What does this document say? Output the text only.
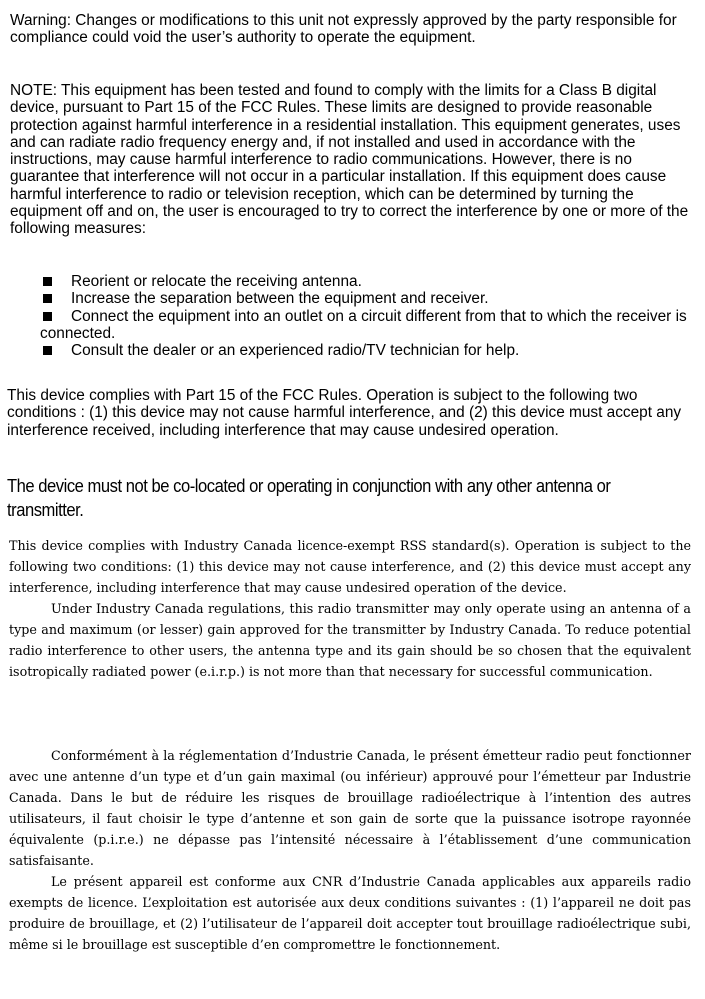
Warning: Changes or modifications to this unit not expressly approved by the party responsible for compliance could void the user’s authority to operate the equipment.

NOTE: This equipment has been tested and found to comply with the limits for a Class B digital device, pursuant to Part 15 of the FCC Rules. These limits are designed to provide reasonable protection against harmful interference in a residential installation. This equipment generates, uses and can radiate radio frequency energy and, if not installed and used in accordance with the instructions, may cause harmful interference to radio communications. However, there is no guarantee that interference will not occur in a particular installation. If this equipment does cause harmful interference to radio or television reception, which can be determined by turning the equipment off and on, the user is encouraged to try to correct the interference by one or more of the following measures:

Reorient or relocate the receiving antenna.
Increase the separation between the equipment and receiver.
Connect the equipment into an outlet on a circuit different from that to which the receiver is connected.
Consult the dealer or an experienced radio/TV technician for help.

This device complies with Part 15 of the FCC Rules. Operation is subject to the following two conditions : (1) this device may not cause harmful interference, and (2) this device must accept any interference received, including interference that may cause undesired operation.

The device must not be co-located or operating in conjunction with any other antenna or transmitter.

This device complies with Industry Canada licence-exempt RSS standard(s). Operation is subject to the following two conditions: (1) this device may not cause interference, and (2) this device must accept any interference, including interference that may cause undesired operation of the device.

Under Industry Canada regulations, this radio transmitter may only operate using an antenna of a type and maximum (or lesser) gain approved for the transmitter by Industry Canada. To reduce potential radio interference to other users, the antenna type and its gain should be so chosen that the equivalent isotropically radiated power (e.i.r.p.) is not more than that necessary for successful communication.

Conformément à la réglementation d’Industrie Canada, le présent émetteur radio peut fonctionner avec une antenne d’un type et d’un gain maximal (ou inférieur) approuvé pour l’émetteur par Industrie Canada. Dans le but de réduire les risques de brouillage radioélectrique à l’intention des autres utilisateurs, il faut choisir le type d’antenne et son gain de sorte que la puissance isotrope rayonnée équivalente (p.i.r.e.) ne dépasse pas l’intensité nécessaire à l’établissement d’une communication satisfaisante.

Le présent appareil est conforme aux CNR d’Industrie Canada applicables aux appareils radio exempts de licence. L’exploitation est autorisée aux deux conditions suivantes : (1) l’appareil ne doit pas produire de brouillage, et (2) l’utilisateur de l’appareil doit accepter tout brouillage radioélectrique subi, même si le brouillage est susceptible d’en compromettre le fonctionnement.
